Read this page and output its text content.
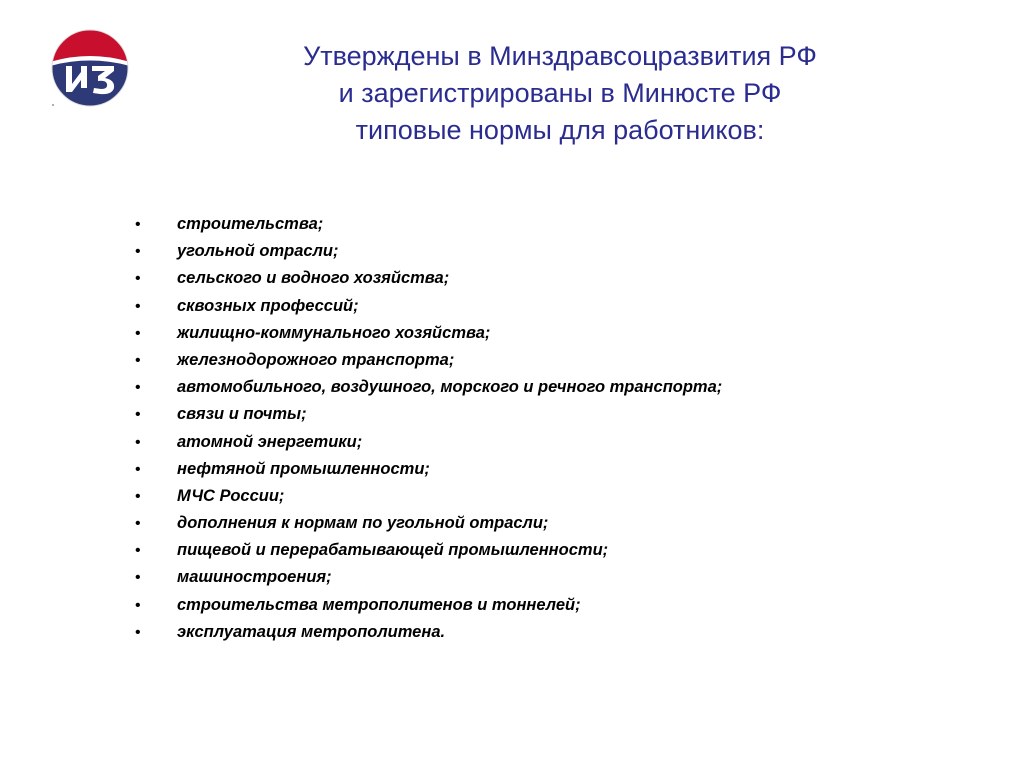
Утверждены в Минздравсоцразвития РФ
и зарегистрированы в Минюсте РФ
типовые нормы для работников:
•	строительства;
•	угольной отрасли;
•	сельского и водного хозяйства;
•	сквозных профессий;
•	жилищно-коммунального хозяйства;
•	железнодорожного транспорта;
•	автомобильного, воздушного, морского и речного транспорта;
•	связи и почты;
•	атомной энергетики;
•	нефтяной промышленности;
•	МЧС России;
•	дополнения к нормам по угольной отрасли;
•	пищевой и перерабатывающей промышленности;
•	машиностроения;
•	строительства метрополитенов и тоннелей;
•	эксплуатация метрополитена.
